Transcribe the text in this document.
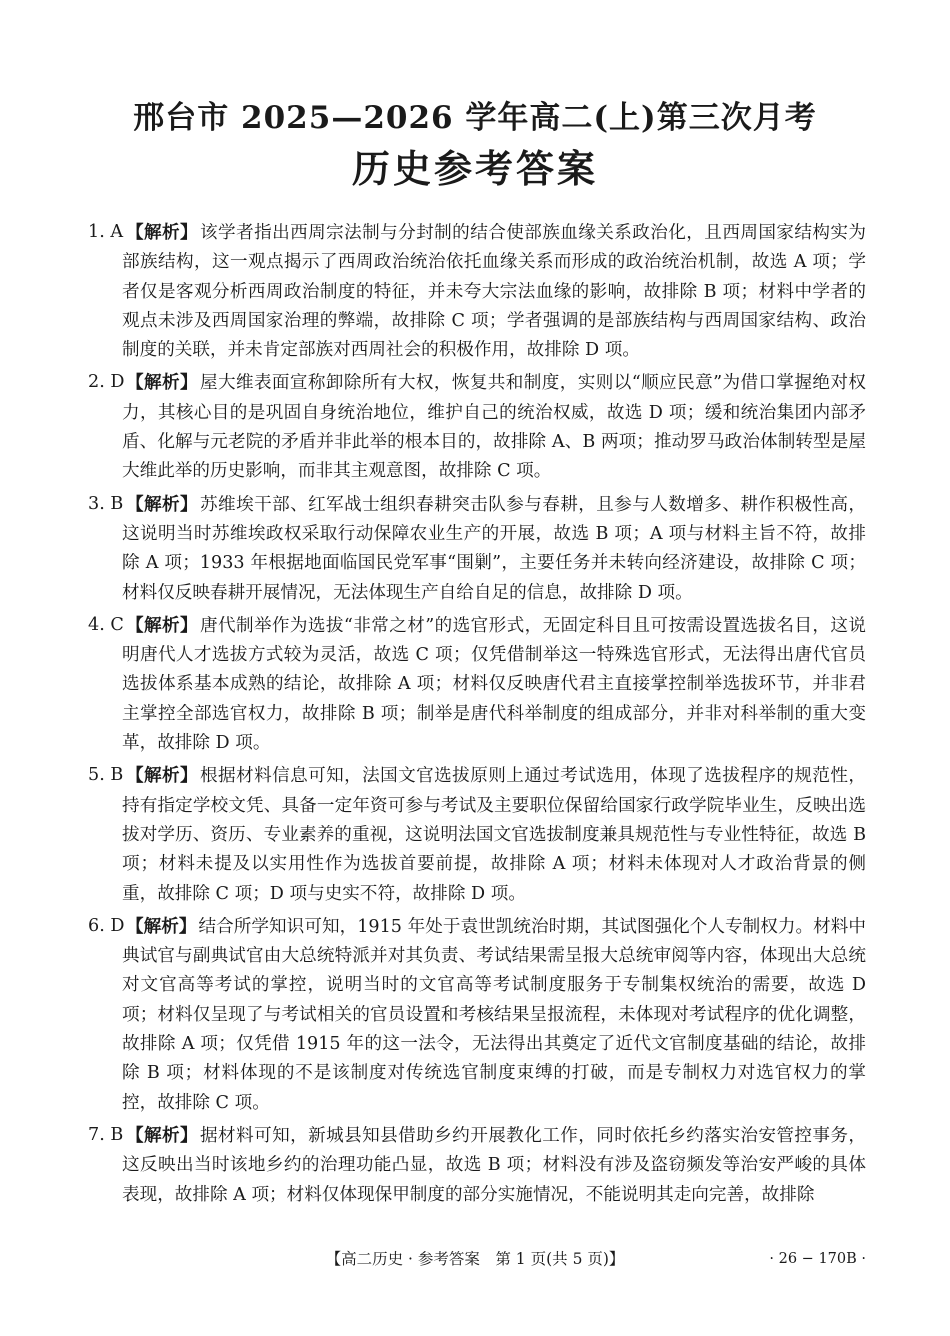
邢台市 2025—2026 学年高二(上)第三次月考
历史参考答案
1. A 【解析】 该学者指出西周宗法制与分封制的结合使部族血缘关系政治化，且西周国家结构实为部族结构，这一观点揭示了西周政治统治依托血缘关系而形成的政治统治机制，故选 A 项；学者仅是客观分析西周政治制度的特征，并未夸大宗法血缘的影响，故排除 B 项；材料中学者的观点未涉及西周国家治理的弊端，故排除 C 项；学者强调的是部族结构与西周国家结构、政治制度的关联，并未肯定部族对西周社会的积极作用，故排除 D 项。
2. D 【解析】 屋大维表面宣称卸除所有大权，恢复共和制度，实则以“顺应民意”为借口掌握绝对权力，其核心目的是巩固自身统治地位，维护自己的统治权威，故选 D 项；缓和统治集团内部矛盾、化解与元老院的矛盾并非此举的根本目的，故排除 A、B 两项；推动罗马政治体制转型是屋大维此举的历史影响，而非其主观意图，故排除 C 项。
3. B 【解析】 苏维埃干部、红军战士组织春耕突击队参与春耕，且参与人数增多、耕作积极性高，这说明当时苏维埃政权采取行动保障农业生产的开展，故选 B 项；A 项与材料主旨不符，故排除 A 项；1933 年根据地面临国民党军事“围剿”，主要任务并未转向经济建设，故排除 C 项；材料仅反映春耕开展情况，无法体现生产自给自足的信息，故排除 D 项。
4. C 【解析】 唐代制举作为选拔“非常之材”的选官形式，无固定科目且可按需设置选拔名目，这说明唐代人才选拔方式较为灵活，故选 C 项；仅凭借制举这一特殊选官形式，无法得出唐代官员选拔体系基本成熟的结论，故排除 A 项；材料仅反映唐代君主直接掌控制举选拔环节，并非君主掌控全部选官权力，故排除 B 项；制举是唐代科举制度的组成部分，并非对科举制的重大变革，故排除 D 项。
5. B 【解析】 根据材料信息可知，法国文官选拔原则上通过考试选用，体现了选拔程序的规范性，持有指定学校文凭、具备一定年资可参与考试及主要职位保留给国家行政学院毕业生，反映出选拔对学历、资历、专业素养的重视，这说明法国文官选拔制度兼具规范性与专业性特征，故选 B 项；材料未提及以实用性作为选拔首要前提，故排除 A 项；材料未体现对人才政治背景的侧重，故排除 C 项；D 项与史实不符，故排除 D 项。
6. D 【解析】 结合所学知识可知，1915 年处于袁世凯统治时期，其试图强化个人专制权力。材料中典试官与副典试官由大总统特派并对其负责、考试结果需呈报大总统审阅等内容，体现出大总统对文官高等考试的掌控，说明当时的文官高等考试制度服务于专制集权统治的需要，故选 D 项；材料仅呈现了与考试相关的官员设置和考核结果呈报流程，未体现对考试程序的优化调整，故排除 A 项；仅凭借 1915 年的这一法令，无法得出其奠定了近代文官制度基础的结论，故排除 B 项；材料体现的不是该制度对传统选官制度束缚的打破，而是专制权力对选官权力的掌控，故排除 C 项。
7. B 【解析】 据材料可知，新城县知县借助乡约开展教化工作，同时依托乡约落实治安管控事务，这反映出当时该地乡约的治理功能凸显，故选 B 项；材料没有涉及盗窃频发等治安严峻的具体表现，故排除 A 项；材料仅体现保甲制度的部分实施情况，不能说明其走向完善，故排除
【高二历史 · 参考答案　第 1 页(共 5 页)】	· 26 − 170B ·
